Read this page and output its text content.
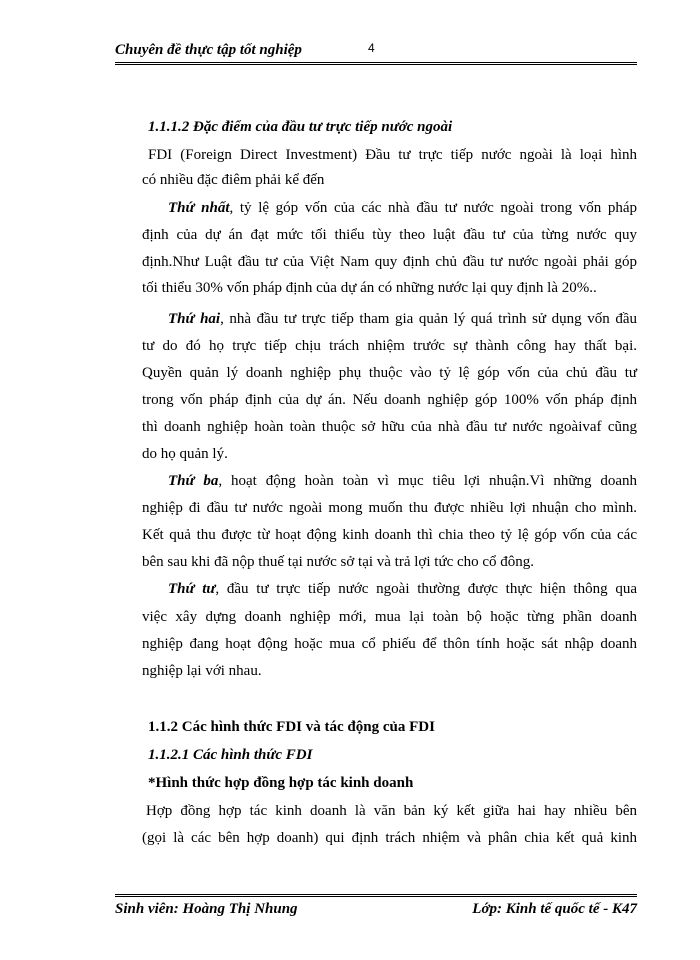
Chuyên đề thực tập tốt nghiệp	4
1.1.1.2 Đặc điểm của đầu tư trực tiếp nước ngoài
FDI (Foreign Direct Investment) Đầu tư trực tiếp nước ngoài là loại hình
có nhiều đặc điêm phải kể đến
Thứ nhất, tỷ lệ góp vốn của các nhà đầu tư nước ngoài trong vốn pháp
định của dự án đạt mức tối thiểu tùy theo luật đầu tư của từng nước quy
định.Như Luật đầu tư của Việt Nam quy định chủ đầu tư nước ngoài phải góp
tối thiểu 30% vốn pháp định của dự án có những nước lại quy định là 20%..
Thứ hai, nhà đầu tư trực tiếp tham gia quản lý quá trình sử dụng vốn đầu
tư do đó họ trực tiếp chịu trách nhiệm trước sự thành công hay thất bại.
Quyền quản lý doanh nghiệp phụ thuộc vào tỷ lệ góp vốn của chủ đầu tư
trong vốn pháp định của dự án. Nếu doanh nghiệp góp 100% vốn pháp định
thì doanh nghiệp hoàn toàn thuộc sở hữu của nhà đầu tư nước ngoàivaf cũng
do họ quản lý.
Thứ ba, hoạt động hoàn toàn vì mục tiêu lợi nhuận.Vì những doanh
nghiệp đi đầu tư nước ngoài mong muốn thu được nhiều lợi nhuận cho mình.
Kết quả thu được từ hoạt động kinh doanh thì chia theo tỷ lệ góp vốn của các
bên sau khi đã nộp thuế tại nước sở tại và trả lợi tức cho cổ đông.
Thứ tư, đầu tư trực tiếp nước ngoài thường được thực hiện thông qua
việc xây dựng doanh nghiệp mới, mua lại toàn bộ hoặc từng phần doanh
nghiệp đang hoạt động hoặc mua cổ phiếu để thôn tính hoặc sát nhập doanh
nghiệp lại với nhau.
1.1.2 Các hình thức FDI và tác động của FDI
1.1.2.1 Các hình thức FDI
*Hình thức hợp đồng hợp tác kinh doanh
Hợp đồng hợp tác kinh doanh là văn bản ký kết giữa hai hay nhiều bên
(gọi là các bên hợp doanh) qui định trách nhiệm và phân chia kết quả kinh
Sinh viên: Hoàng Thị Nhung	Lớp: Kinh tế quốc tế - K47
